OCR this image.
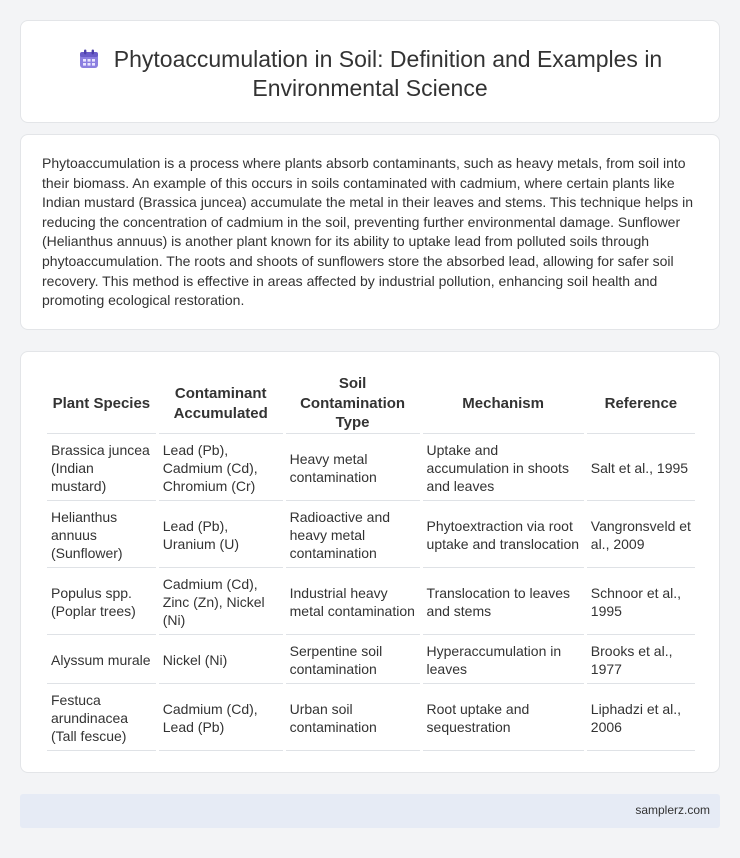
Phytoaccumulation in Soil: Definition and Examples in Environmental Science

Phytoaccumulation is a process where plants absorb contaminants, such as heavy metals, from soil into their biomass. An example of this occurs in soils contaminated with cadmium, where certain plants like Indian mustard (Brassica juncea) accumulate the metal in their leaves and stems. This technique helps in reducing the concentration of cadmium in the soil, preventing further environmental damage. Sunflower (Helianthus annuus) is another plant known for its ability to uptake lead from polluted soils through phytoaccumulation. The roots and shoots of sunflowers store the absorbed lead, allowing for safer soil recovery. This method is effective in areas affected by industrial pollution, enhancing soil health and promoting ecological restoration.

Plant Species	Contaminant Accumulated	Soil Contamination Type	Mechanism	Reference
Brassica juncea (Indian mustard)	Lead (Pb), Cadmium (Cd), Chromium (Cr)	Heavy metal contamination	Uptake and accumulation in shoots and leaves	Salt et al., 1995
Helianthus annuus (Sunflower)	Lead (Pb), Uranium (U)	Radioactive and heavy metal contamination	Phytoextraction via root uptake and translocation	Vangronsveld et al., 2009
Populus spp. (Poplar trees)	Cadmium (Cd), Zinc (Zn), Nickel (Ni)	Industrial heavy metal contamination	Translocation to leaves and stems	Schnoor et al., 1995
Alyssum murale	Nickel (Ni)	Serpentine soil contamination	Hyperaccumulation in leaves	Brooks et al., 1977
Festuca arundinacea (Tall fescue)	Cadmium (Cd), Lead (Pb)	Urban soil contamination	Root uptake and sequestration	Liphadzi et al., 2006
samplerz.com
